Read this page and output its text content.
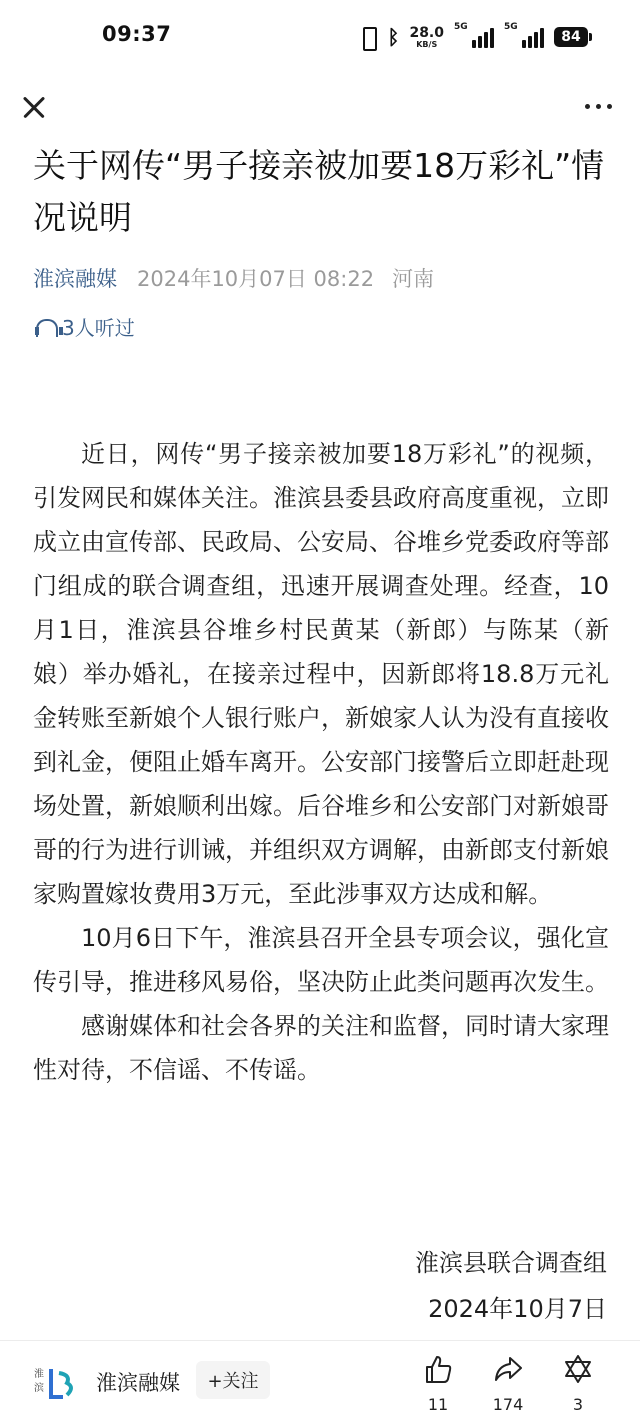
09:37	ᛒ 28.0
KB/S
5G	5G
84
关于网传“男子接亲被加要18万彩礼”情况说明
淮滨融媒 2024年10月07日 08:22 河南
3人听过

近日，网传“男子接亲被加要18万彩礼”的视频，引发网民和媒体关注。淮滨县委县政府高度重视，立即成立由宣传部、民政局、公安局、谷堆乡党委政府等部门组成的联合调查组，迅速开展调查处理。经查，10月1日，淮滨县谷堆乡村民黄某（新郎）与陈某（新娘）举办婚礼，在接亲过程中，因新郎将18.8万元礼金转账至新娘个人银行账户，新娘家人认为没有直接收到礼金，便阻止婚车离开。公安部门接警后立即赶赴现场处置，新娘顺利出嫁。后谷堆乡和公安部门对新娘哥哥的行为进行训诫，并组织双方调解，由新郎支付新娘家购置嫁妆费用3万元，至此涉事双方达成和解。

10月6日下午，淮滨县召开全县专项会议，强化宣传引导，推进移风易俗，坚决防止此类问题再次发生。

感谢媒体和社会各界的关注和监督，同时请大家理性对待，不信谣、不传谣。

淮滨县联合调查组
2024年10月7日
淮
滨 淮滨融媒	+关注
11	174	3
